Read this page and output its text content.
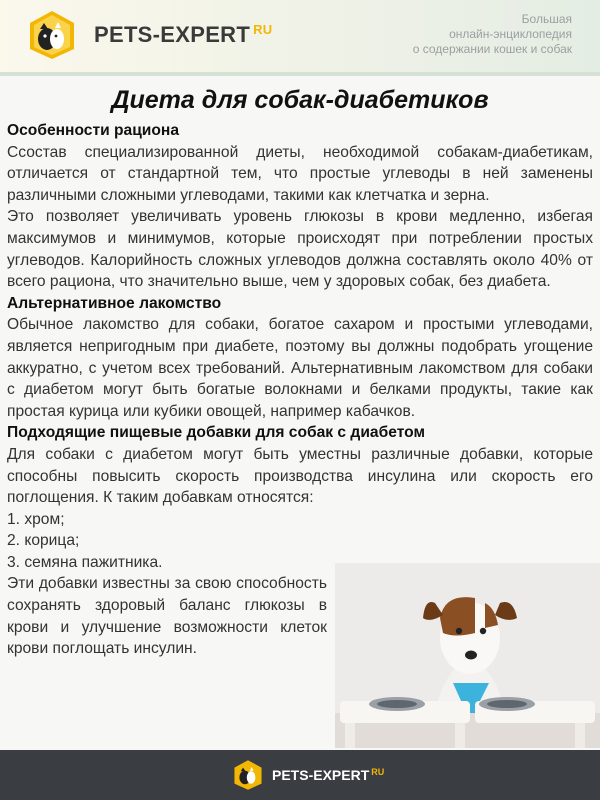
PETS-EXPERT $^{RU}$
Большая
онлайн-энциклопедия
о содержании кошек и собак
Диета для собак-диабетиков
Особенности рациона

Ссостав специализированной диеты, необходимой собакам-диабетикам, отличается от стандартной тем, что простые углеводы в ней заменены различными сложными углеводами, такими как клетчатка и зерна.

Это позволяет увеличивать уровень глюкозы в крови медленно, избегая максимумов и минимумов, которые происходят при потреблении простых углеводов. Калорийность сложных углеводов должна составлять около 40% от всего рациона, что значительно выше, чем у здоровых собак, без диабета.

Альтернативное лакомство

Обычное лакомство для собаки, богатое сахаром и простыми углеводами, является непригодным при диабете, поэтому вы должны подобрать угощение аккуратно, с учетом всех требований. Альтернативным лакомством для собаки с диабетом могут быть богатые волокнами и белками продукты, такие как простая курица или кубики овощей, например кабачков.

Подходящие пищевые добавки для собак с диабетом

Для собаки с диабетом могут быть уместны различные добавки, которые способны повысить скорость производства инсулина или скорость его поглощения. К таким добавкам относятся:

1. хром;
2. корица;
3. семяна пажитника.

Эти добавки известны за свою способность сохранять здоровый баланс глюкозы в крови и улучшение возможности клеток крови поглощать инсулин.

PETS-EXPERT $^{RU}$
